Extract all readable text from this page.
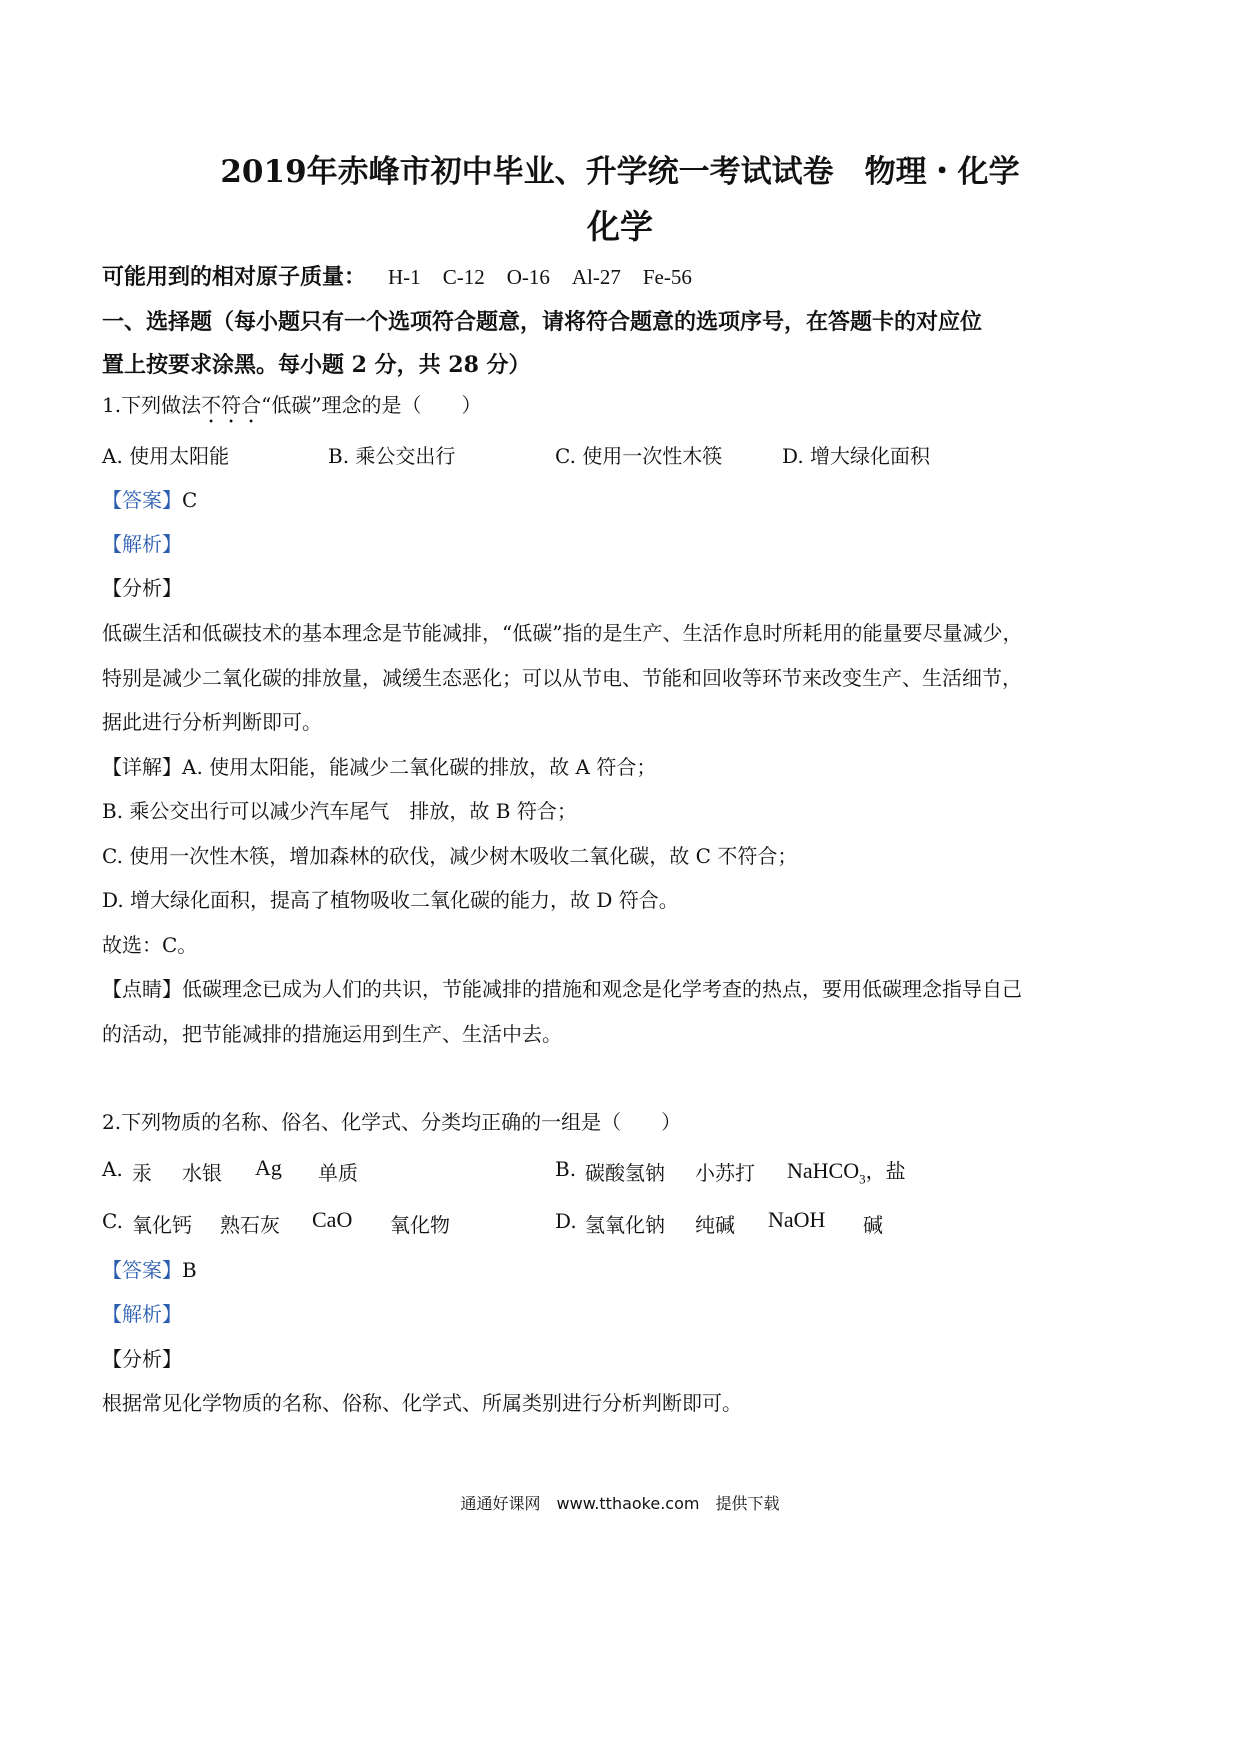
2019年赤峰市初中毕业、升学统一考试试卷　物理・化学
化学
可能用到的相对原子质量： H-1 C-12 O-16 Al-27 Fe-56
一、选择题（每小题只有一个选项符合题意，请将符合题意的选项序号，在答题卡的对应位
置上按要求涂黑。每小题 2 分，共 28 分）
1.下列做法不符合“低碳”理念的是（　　）
A. 使用太阳能	B. 乘公交出行	C. 使用一次性木筷	D. 增大绿化面积
【答案】C
【解析】
【分析】
低碳生活和低碳技术的基本理念是节能减排，“低碳”指的是生产、生活作息时所耗用的能量要尽量减少，
特别是减少二氧化碳的排放量，减缓生态恶化；可以从节电、节能和回收等环节来改变生产、生活细节，
据此进行分析判断即可。
【详解】A. 使用太阳能，能减少二氧化碳的排放，故 A 符合；
B. 乘公交出行可以减少汽车尾气　排放，故 B 符合；
C. 使用一次性木筷，增加森林的砍伐，减少树木吸收二氧化碳，故 C 不符合；
D. 增大绿化面积，提高了植物吸收二氧化碳的能力，故 D 符合。
故选：C。
【点睛】低碳理念已成为人们的共识，节能减排的措施和观念是化学考查的热点，要用低碳理念指导自己
的活动，把节能减排的措施运用到生产、生活中去。
2.下列物质的名称、俗名、化学式、分类均正确的一组是（　　）
A. 汞 水银 Ag 单质	B. 碳酸氢钠 小苏打 NaHCO$_3$，盐
C. 氧化钙 熟石灰 CaO 氧化物	D. 氢氧化钠 纯碱 NaOH 碱
【答案】B
【解析】
【分析】
根据常见化学物质的名称、俗称、化学式、所属类别进行分析判断即可。
通通好课网　www.tthaoke.com　提供下载
